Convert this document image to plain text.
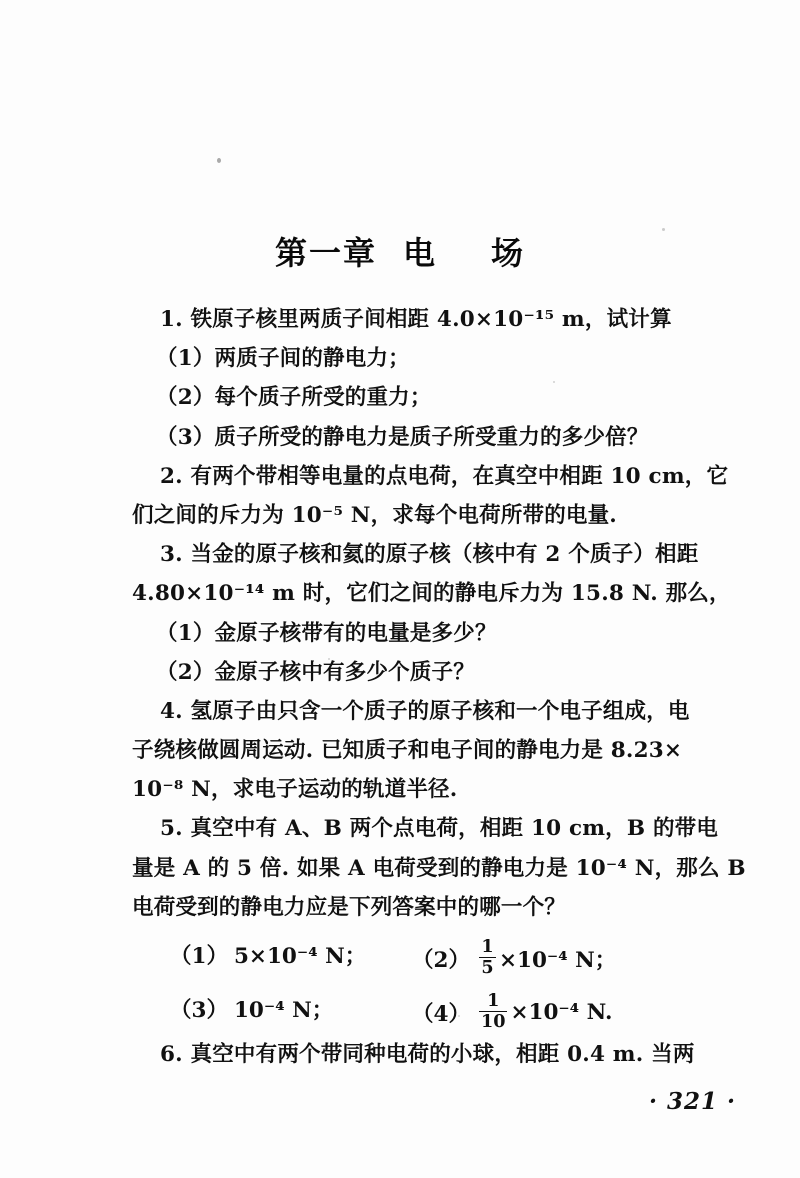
第一章 电 场
1. 铁原子核里两质子间相距 4.0×10⁻¹⁵ m，试计算
（1）两质子间的静电力；
（2）每个质子所受的重力；
（3）质子所受的静电力是质子所受重力的多少倍？
2. 有两个带相等电量的点电荷，在真空中相距 10 cm，它
们之间的斥力为 10⁻⁵ N，求每个电荷所带的电量.
3. 当金的原子核和氦的原子核（核中有 2 个质子）相距
4.80×10⁻¹⁴ m 时，它们之间的静电斥力为 15.8 N. 那么，
（1）金原子核带有的电量是多少？
（2）金原子核中有多少个质子？
4. 氢原子由只含一个质子的原子核和一个电子组成，电
子绕核做圆周运动. 已知质子和电子间的静电力是 8.23×
10⁻⁸ N，求电子运动的轨道半径.
5. 真空中有 A、B 两个点电荷，相距 10 cm，B 的带电
量是 A 的 5 倍. 如果 A 电荷受到的静电力是 10⁻⁴ N，那么 B
电荷受到的静电力应是下列答案中的哪一个？
（1） 5×10⁻⁴ N； $(2) \frac{1}{5} \times 10^{-4}$ N；
（3） 10⁻⁴ N；	$(4) \frac{1}{10} \times 10^{-4}$ N.
6. 真空中有两个带同种电荷的小球，相距 0.4 m. 当两
· 321 ·
